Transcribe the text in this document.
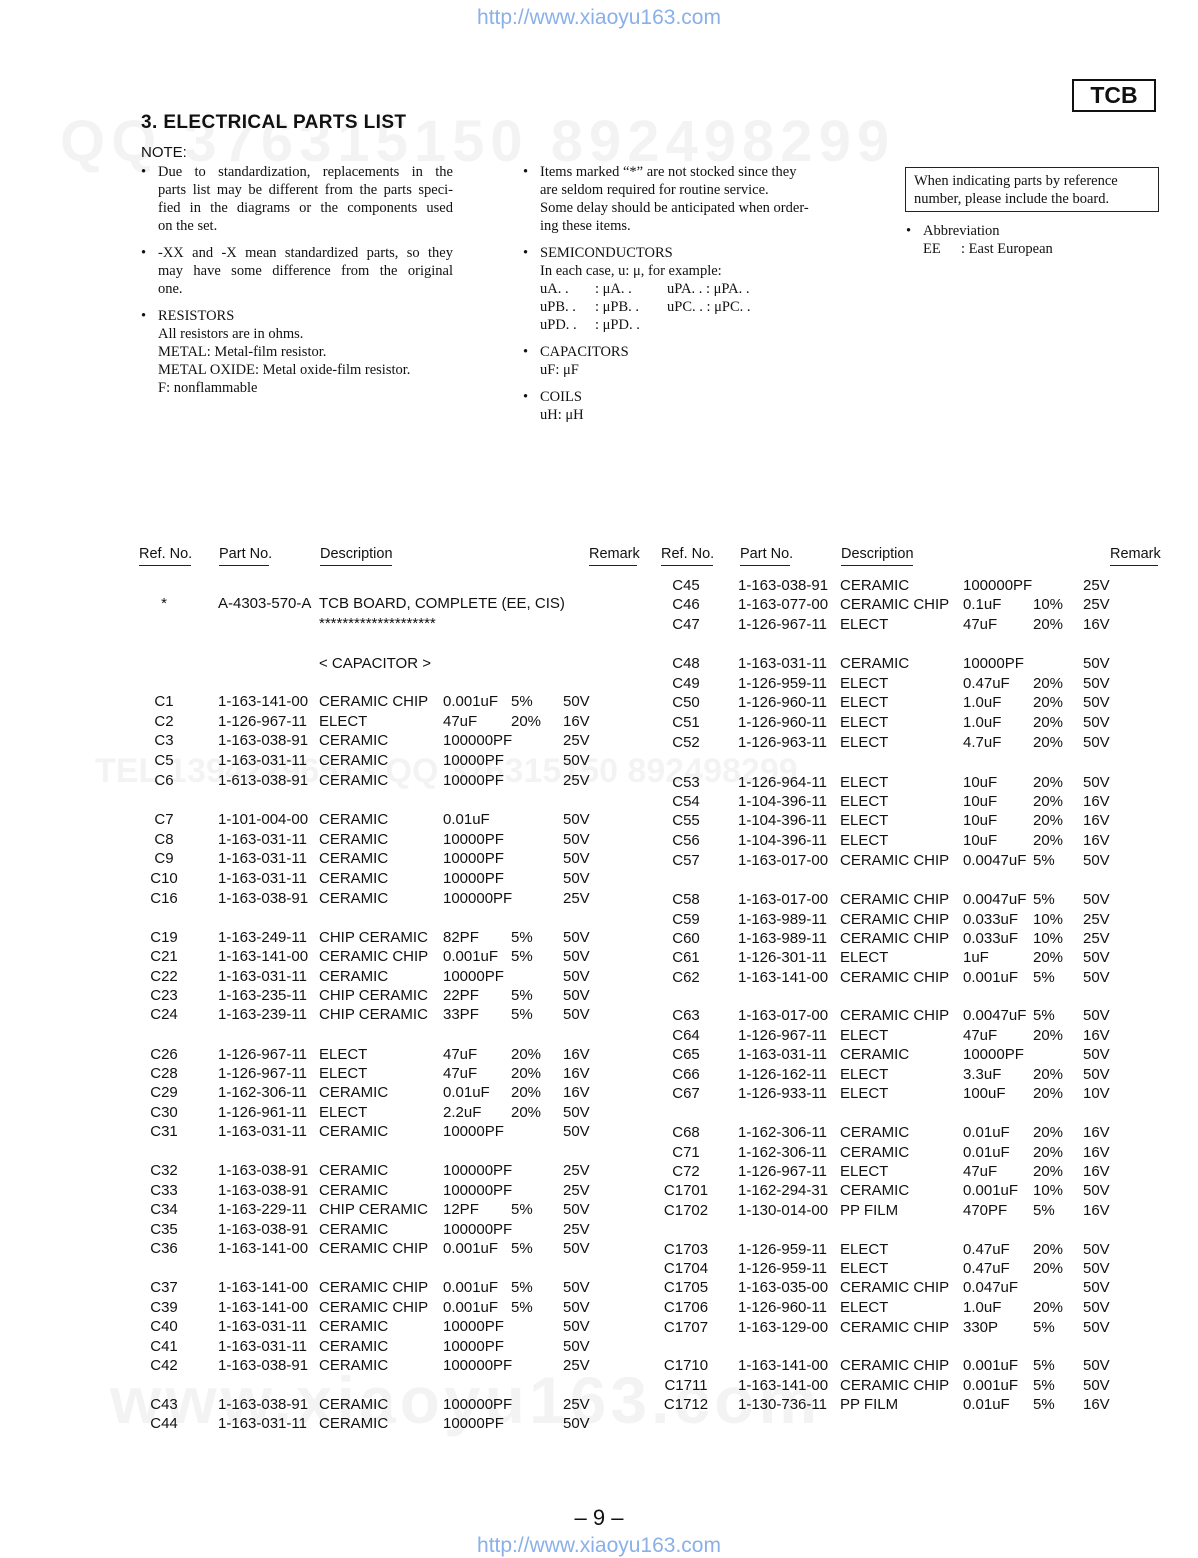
http://www.xiaoyu163.com
TCB
3. ELECTRICAL PARTS LIST
NOTE:
• Due to standardization, replacements in the
parts list may be different from the parts speci-
fied in the diagrams or the components used
on the set.
• -XX and -X mean standardized parts, so they
may have some difference from the original
one.
• RESISTORS
All resistors are in ohms.
METAL: Metal-film resistor.
METAL OXIDE: Metal oxide-film resistor.
F: nonflammable
• Items marked “*” are not stocked since they
are seldom required for routine service.
Some delay should be anticipated when order-
ing these items.
• SEMICONDUCTORS
In each case, u: μ, for example:
uA. . : μA. . uPA. . : μPA. .
uPB. . : μPB. . uPC. . : μPC. .
uPD. . : μPD. .
• CAPACITORS
uF: μF
• COILS
uH: μH
When indicating parts by reference
number, please include the board.
• Abbreviation
EE : East European
Ref. No. Part No.	Description	Remark Ref. No. Part No.	Description	Remark
*	A-4303-570-A TCB BOARD, COMPLETE (EE, CIS)
********************
< CAPACITOR >
C1	1-163-141-00 CERAMIC CHIP 0.001uF 5% 50V
C2	1-126-967-11 ELECT	47uF 20% 16V
C3	1-163-038-91 CERAMIC	100000PF	25V
C5	1-163-031-11 CERAMIC	10000PF	50V
C6	1-613-038-91 CERAMIC	10000PF	25V
C7	1-101-004-00 CERAMIC	0.01uF	50V
C8	1-163-031-11 CERAMIC	10000PF	50V
C9	1-163-031-11 CERAMIC	10000PF	50V
C10	1-163-031-11 CERAMIC	10000PF	50V
C16	1-163-038-91 CERAMIC	100000PF	25V
C19	1-163-249-11 CHIP CERAMIC 82PF 5% 50V
C21	1-163-141-00 CERAMIC CHIP 0.001uF 5% 50V
C22	1-163-031-11 CERAMIC	10000PF	50V
C23	1-163-235-11 CHIP CERAMIC 22PF 5% 50V
C24	1-163-239-11 CHIP CERAMIC 33PF 5% 50V
C26	1-126-967-11 ELECT	47uF 20% 16V
C28	1-126-967-11 ELECT	47uF 20% 16V
C29	1-162-306-11 CERAMIC	0.01uF 20% 16V
C30	1-126-961-11 ELECT	2.2uF 20% 50V
C31	1-163-031-11 CERAMIC	10000PF	50V
C32	1-163-038-91 CERAMIC	100000PF	25V
C33	1-163-038-91 CERAMIC	100000PF	25V
C34	1-163-229-11 CHIP CERAMIC 12PF 5% 50V
C35	1-163-038-91 CERAMIC	100000PF	25V
C36	1-163-141-00 CERAMIC CHIP 0.001uF 5% 50V
C37	1-163-141-00 CERAMIC CHIP 0.001uF 5% 50V
C39	1-163-141-00 CERAMIC CHIP 0.001uF 5% 50V
C40	1-163-031-11 CERAMIC	10000PF	50V
C41	1-163-031-11 CERAMIC	10000PF	50V
C42	1-163-038-91 CERAMIC	100000PF	25V
C43	1-163-038-91 CERAMIC	100000PF	25V
C44	1-163-031-11 CERAMIC	10000PF	50V
C45	1-163-038-91 CERAMIC	100000PF	25V
C46	1-163-077-00 CERAMIC CHIP 0.1uF 10% 25V
C47	1-126-967-11 ELECT	47uF 20% 16V
C48	1-163-031-11 CERAMIC	10000PF	50V
C49	1-126-959-11 ELECT	0.47uF 20% 50V
C50	1-126-960-11 ELECT	1.0uF 20% 50V
C51	1-126-960-11 ELECT	1.0uF 20% 50V
C52	1-126-963-11 ELECT	4.7uF 20% 50V
C53	1-126-964-11 ELECT	10uF 20% 50V
C54	1-104-396-11 ELECT	10uF 20% 16V
C55	1-104-396-11 ELECT	10uF 20% 16V
C56	1-104-396-11 ELECT	10uF 20% 16V
C57	1-163-017-00 CERAMIC CHIP 0.0047uF 5% 50V
C58	1-163-017-00 CERAMIC CHIP 0.0047uF 5% 50V
C59	1-163-989-11 CERAMIC CHIP 0.033uF 10% 25V
C60	1-163-989-11 CERAMIC CHIP 0.033uF 10% 25V
C61	1-126-301-11 ELECT	1uF	20% 50V
C62	1-163-141-00 CERAMIC CHIP 0.001uF 5% 50V
C63	1-163-017-00 CERAMIC CHIP 0.0047uF 5% 50V
C64	1-126-967-11 ELECT	47uF 20% 16V
C65	1-163-031-11 CERAMIC	10000PF	50V
C66	1-126-162-11 ELECT	3.3uF 20% 50V
C67	1-126-933-11 ELECT	100uF 20% 10V
C68	1-162-306-11 CERAMIC	0.01uF 20% 16V
C71	1-162-306-11 CERAMIC	0.01uF 20% 16V
C72	1-126-967-11 ELECT	47uF 20% 16V
C1701 1-162-294-31 CERAMIC	0.001uF 10% 50V
C1702 1-130-014-00 PP FILM	470PF 5% 16V
C1703 1-126-959-11 ELECT	0.47uF 20% 50V
C1704 1-126-959-11 ELECT	0.47uF 20% 50V
C1705 1-163-035-00 CERAMIC CHIP 0.047uF	50V
C1706 1-126-960-11 ELECT	1.0uF 20% 50V
C1707 1-163-129-00 CERAMIC CHIP 330P 5% 50V
C1710 1-163-141-00 CERAMIC CHIP 0.001uF 5% 50V
C1711 1-163-141-00 CERAMIC CHIP 0.001uF 5% 50V
C1712 1-130-736-11 PP FILM	0.01uF 5% 16V
– 9 –
http://www.xiaoyu163.com
